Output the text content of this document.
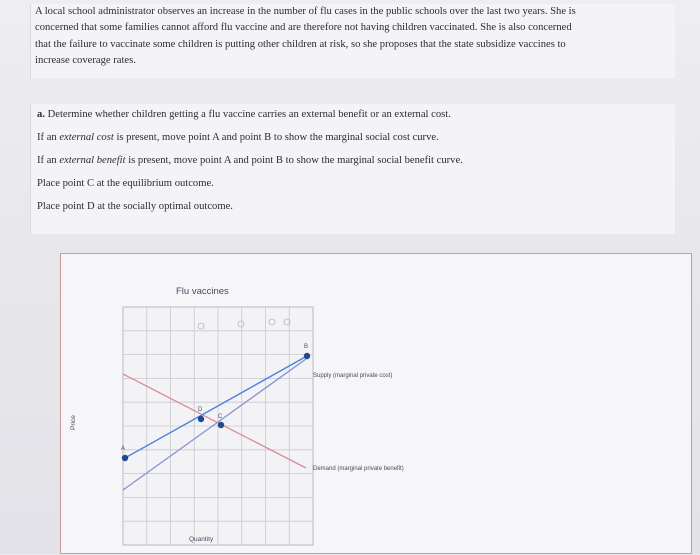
A local school administrator observes an increase in the number of flu cases in the public schools over the last two years. She is

concerned that some families cannot afford flu vaccine and are therefore not having children vaccinated. She is also concerned

that the failure to vaccinate some children is putting other children at risk, so she proposes that the state subsidize vaccines to

increase coverage rates.

a. Determine whether children getting a flu vaccine carries an external benefit or an external cost.

If an external cost is present, move point A and point B to show the marginal social cost curve.

If an external benefit is present, move point A and point B to show the marginal social benefit curve.

Place point C at the equilibrium outcome.

Place point D at the socially optimal outcome.

Flu vaccines
Price
Quantity
Supply (marginal private cost)
Demand (marginal private benefit)
A
B
C
D
